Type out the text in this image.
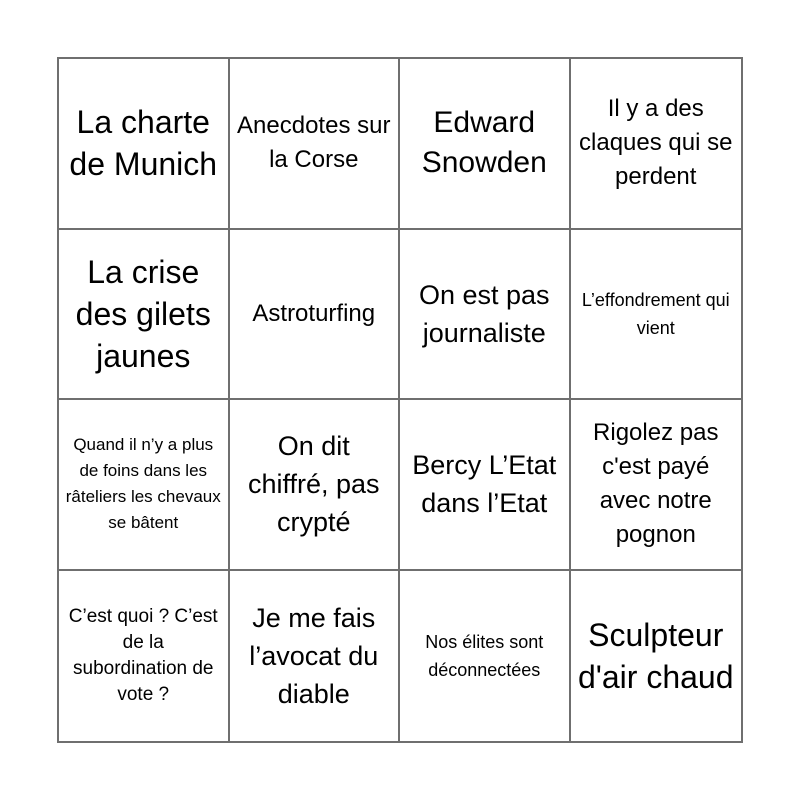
La charte de Munich
Anecdotes sur la Corse
Edward Snowden
Il y a des claques qui se perdent
La crise des gilets jaunes
Astroturfing
On est pas journaliste
L’effondrement qui vient
Quand il n’y a plus de foins dans les râteliers les chevaux se bâtent
On dit chiffré, pas crypté
Bercy L’Etat dans l’Etat
Rigolez pas c'est payé avec notre pognon
C’est quoi ? C’est de la subordination de vote ?
Je me fais l’avocat du diable
Nos élites sont déconnectées
Sculpteur d'air chaud
